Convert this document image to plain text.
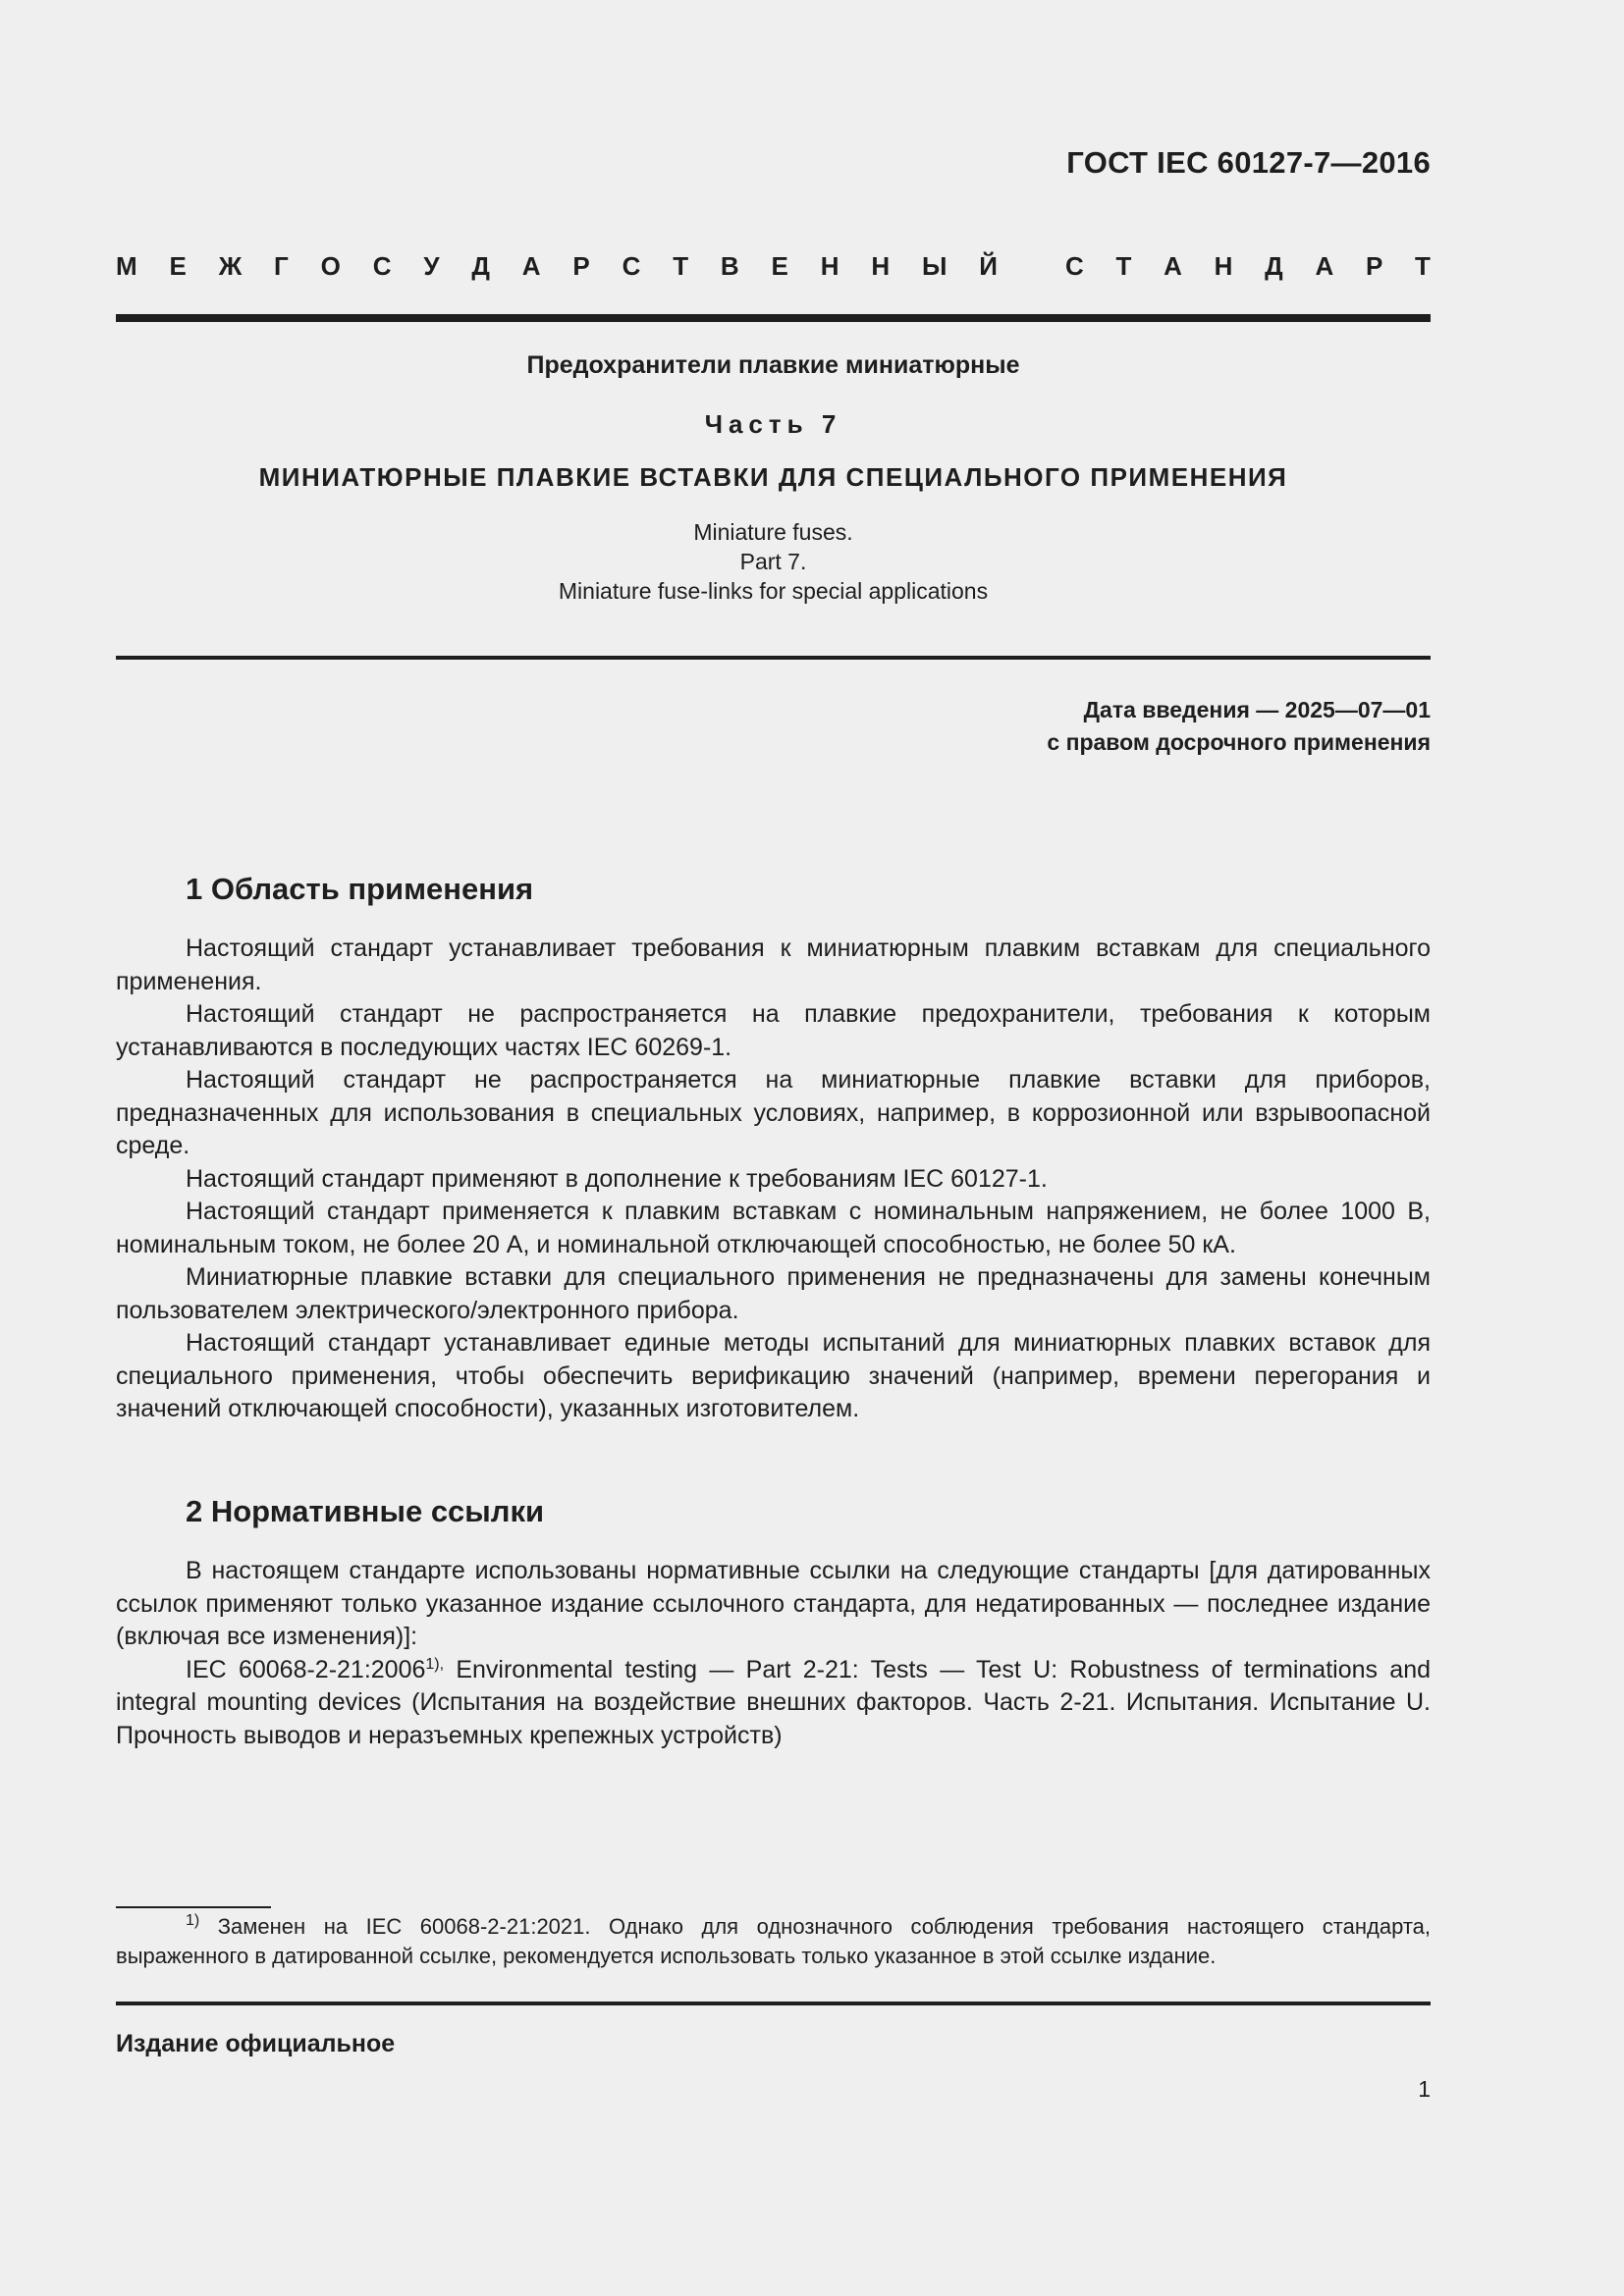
ГОСТ IEC 60127-7—2016
М Е Ж Г О С У Д А Р С Т В Е Н Н Ы Й	С Т А Н Д А Р Т
Предохранители плавкие миниатюрные
Часть 7
МИНИАТЮРНЫЕ ПЛАВКИЕ ВСТАВКИ ДЛЯ СПЕЦИАЛЬНОГО ПРИМЕНЕНИЯ
Miniature fuses.
Part 7.
Miniature fuse-links for special applications
Дата введения — 2025—07—01
с правом досрочного применения
1 Область применения

Настоящий стандарт устанавливает требования к миниатюрным плавким вставкам для специального применения.

Настоящий стандарт не распространяется на плавкие предохранители, требования к которым устанавливаются в последующих частях IEC 60269-1.

Настоящий стандарт не распространяется на миниатюрные плавкие вставки для приборов, предназначенных для использования в специальных условиях, например, в коррозионной или взрывоопасной среде.

Настоящий стандарт применяют в дополнение к требованиям IEC 60127-1.

Настоящий стандарт применяется к плавким вставкам с номинальным напряжением, не более 1000 В, номинальным током, не более 20 А, и номинальной отключающей способностью, не более 50 кА.

Миниатюрные плавкие вставки для специального применения не предназначены для замены конечным пользователем электрического/электронного прибора.

Настоящий стандарт устанавливает единые методы испытаний для миниатюрных плавких вставок для специального применения, чтобы обеспечить верификацию значений (например, времени перегорания и значений отключающей способности), указанных изготовителем.

2 Нормативные ссылки

В настоящем стандарте использованы нормативные ссылки на следующие стандарты [для датированных ссылок применяют только указанное издание ссылочного стандарта, для недатированных — последнее издание (включая все изменения)]:

IEC $60068-2-21:2006^{1),}$ Environmental testing — Part 2-21: Tests — Test U: Robustness of terminations and integral mounting devices (Испытания на воздействие внешних факторов. Часть 2-21. Испытания. Испытание U. Прочность выводов и неразъемных крепежных устройств)

$^{1)}$ Заменен на IEC 60068-2-21:2021. Однако для однозначного соблюдения требования настоящего стандарта, выраженного в датированной ссылке, рекомендуется использовать только указанное в этой ссылке издание.
Издание официальное
1
